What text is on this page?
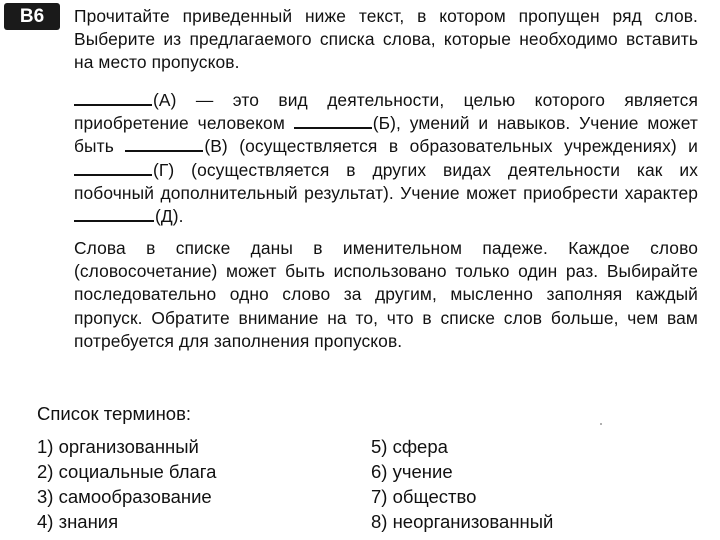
В6	Прочитайте приведенный ниже текст, в котором пропущен ряд слов. Выберите из предлагаемого списка слова, которые необходимо вставить на место пропусков.
(А) — это вид деятельности, целью которого является приобретение человеком	(Б), умений и навыков. Учение может быть	(В) (осуществляется в образовательных учреждениях) и (Г) (осуществляется в других видах деятельности как их побочный дополнительный результат). Учение может приобрести характер (Д).
Слова в списке даны в именительном падеже. Каждое слово (словосочетание) может быть использовано только один раз. Выбирайте последовательно одно слово за другим, мысленно заполняя каждый пропуск. Обратите внимание на то, что в списке слов больше, чем вам потребуется для заполнения пропусков.
Список терминов:
1) организованный
2) социальные блага
3) самообразование
4) знания
5) сфера
6) учение
7) общество
8) неорганизованный
